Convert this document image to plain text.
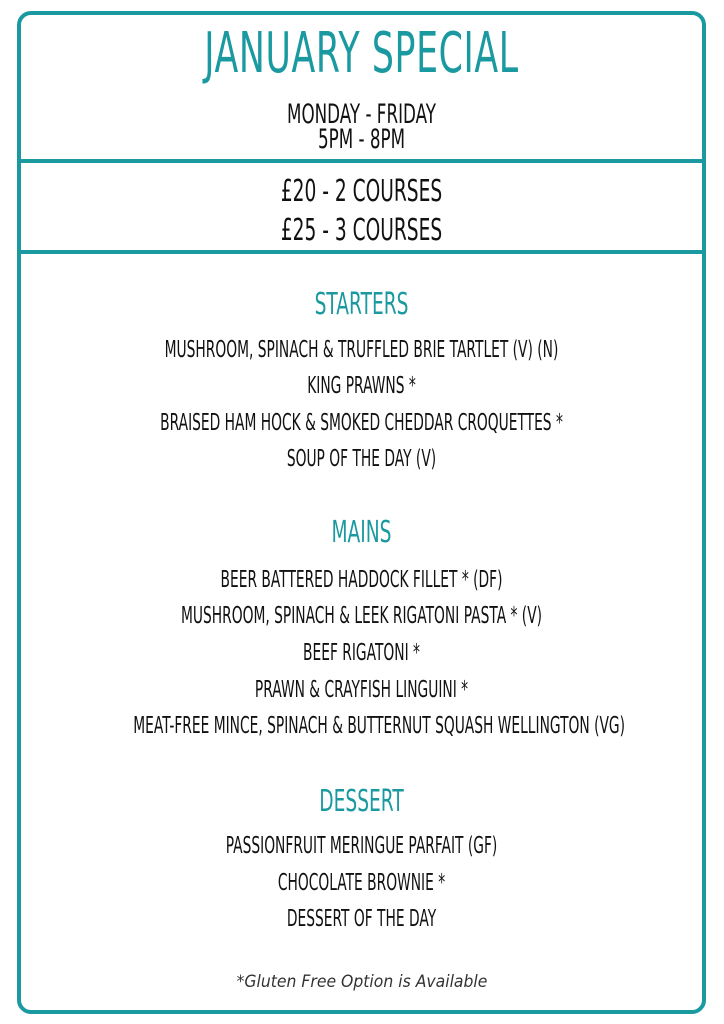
JANUARY SPECIAL
MONDAY - FRIDAY
5PM - 8PM
£20 - 2 COURSES
£25 - 3 COURSES
STARTERS
MUSHROOM, SPINACH & TRUFFLED BRIE TARTLET (V) (N)
KING PRAWNS *
BRAISED HAM HOCK & SMOKED CHEDDAR CROQUETTES *
SOUP OF THE DAY (V)
MAINS
BEER BATTERED HADDOCK FILLET * (DF)
MUSHROOM, SPINACH & LEEK RIGATONI PASTA * (V)
BEEF RIGATONI *
PRAWN & CRAYFISH LINGUINI *
MEAT-FREE MINCE, SPINACH & BUTTERNUT SQUASH WELLINGTON (VG)
DESSERT
PASSIONFRUIT MERINGUE PARFAIT (GF)
CHOCOLATE BROWNIE *
DESSERT OF THE DAY
*Gluten Free Option is Available
